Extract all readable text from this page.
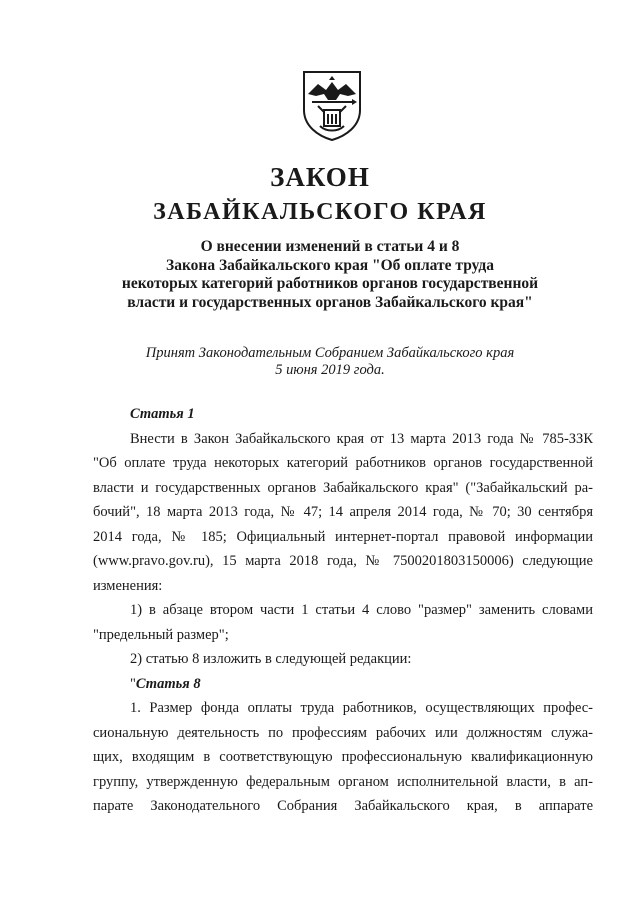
ЗАКОН
ЗАБАЙКАЛЬСКОГО КРАЯ
О внесении изменений в статьи 4 и 8
Закона Забайкальского края "Об оплате труда
некоторых категорий работников органов государственной
власти и государственных органов Забайкальского края"
Принят Законодательным Собранием Забайкальского края
5 июня 2019 года.
Статья 1
Внести в Закон Забайкальского края от 13 марта 2013 года № 785-ЗЗК
"Об оплате труда некоторых категорий работников органов государственной
власти и государственных органов Забайкальского края" ("Забайкальский ра-
бочий", 18 марта 2013 года, № 47; 14 апреля 2014 года, № 70; 30 сентября
2014 года, № 185; Официальный интернет-портал правовой информации
(www.pravo.gov.ru), 15 марта 2018 года, № 7500201803150006) следующие
изменения:
1) в абзаце втором части 1 статьи 4 слово "размер" заменить словами
"предельный размер";
2) статью 8 изложить в следующей редакции:
"Статья 8
1. Размер фонда оплаты труда работников, осуществляющих профес-
сиональную деятельность по профессиям рабочих или должностям служа-
щих, входящим в соответствующую профессиональную квалификационную
группу, утвержденную федеральным органом исполнительной власти, в ап-
парате Законодательного Собрания Забайкальского края, в аппарате
